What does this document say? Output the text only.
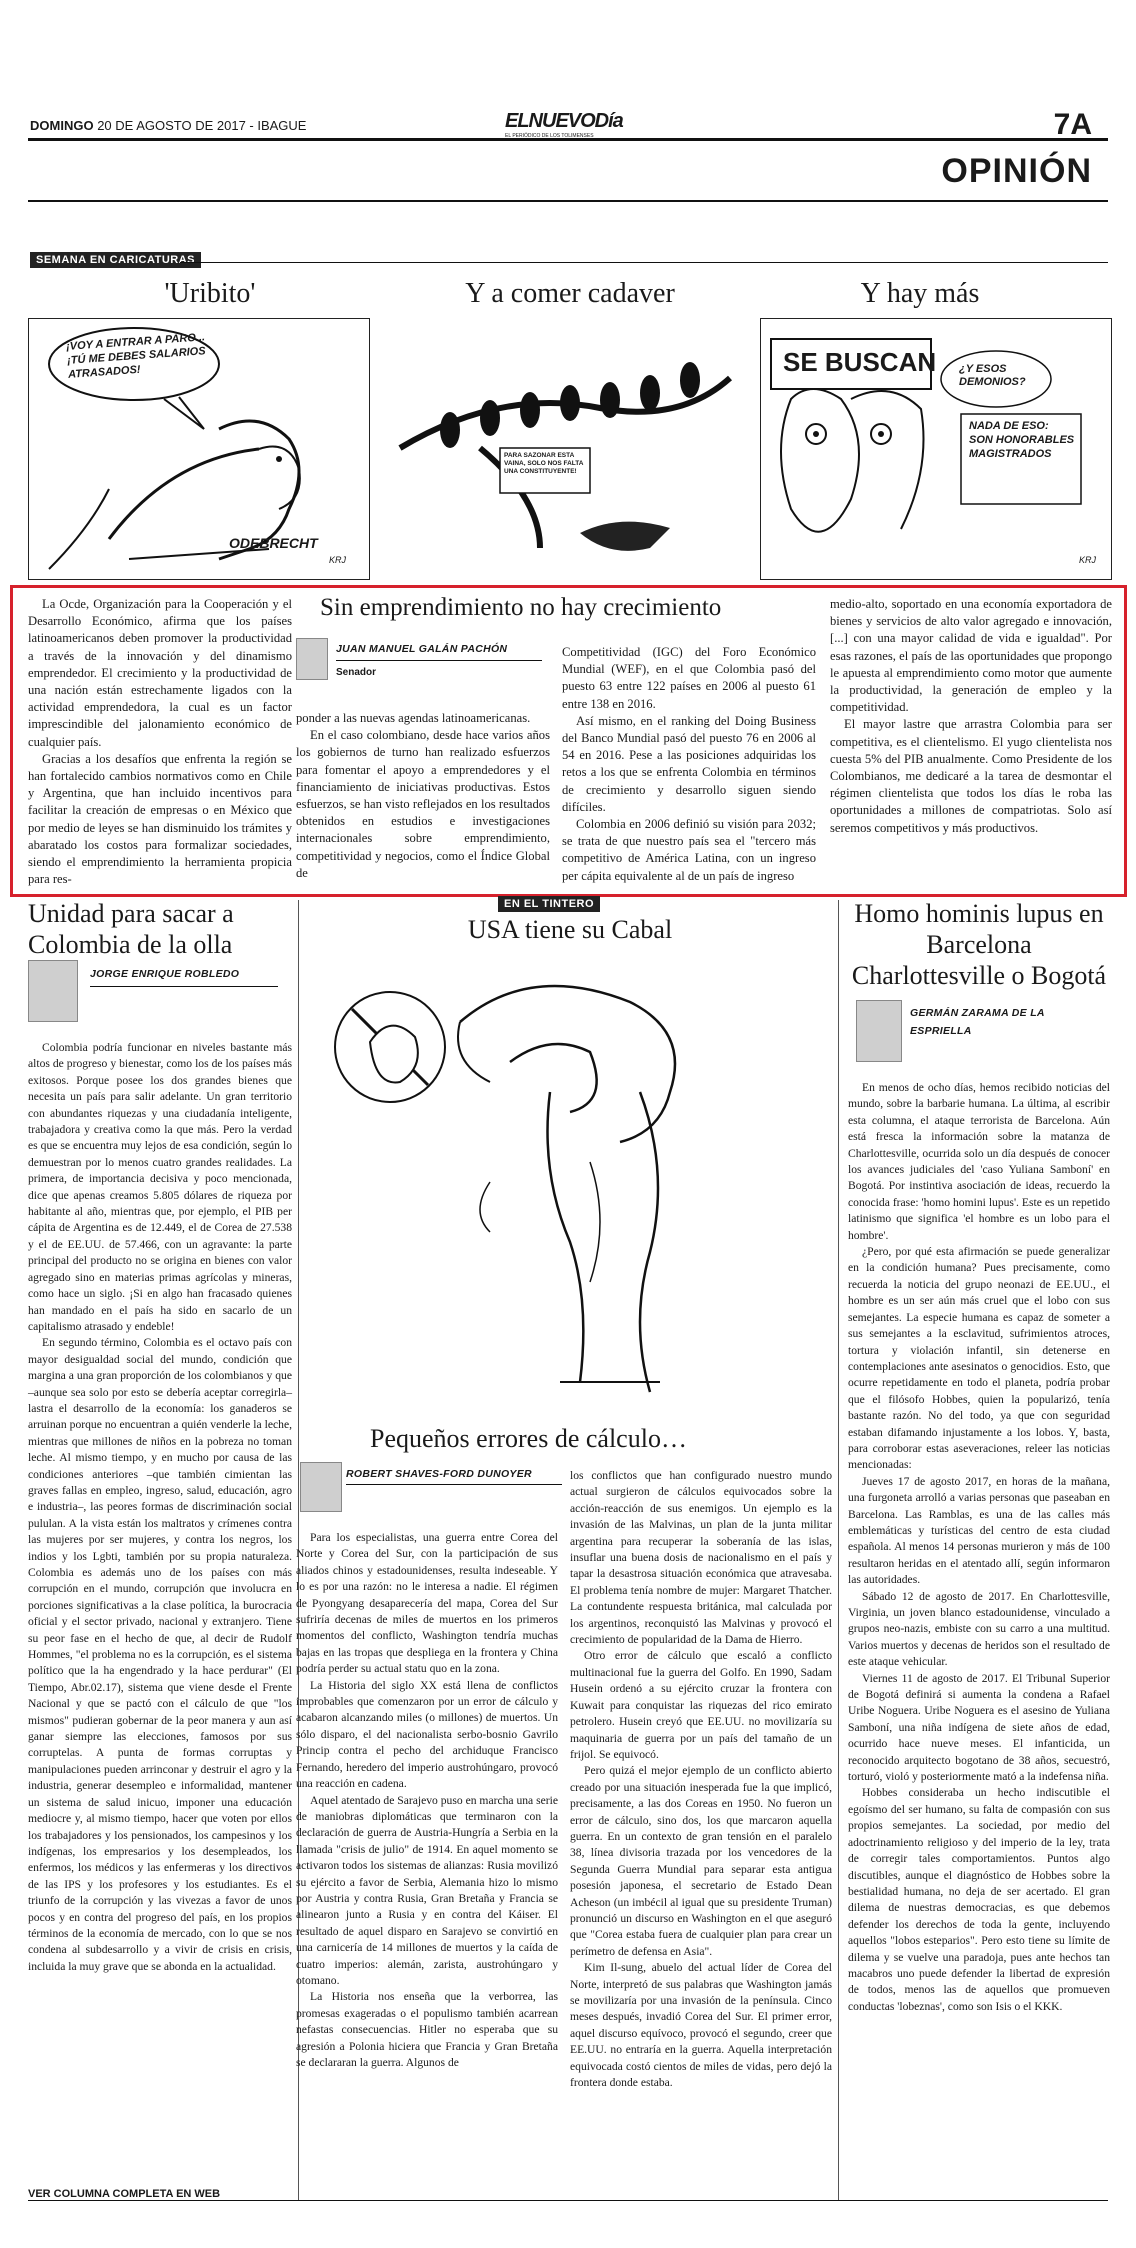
DOMINGO 20 DE AGOSTO DE 2017 - IBAGUE	ELNUEVODía
EL PERIÓDICO DE LOS TOLIMENSES	7A
OPINIÓN
SEMANA EN CARICATURAS
'Uribito'	Y a comer cadaver	Y hay más
¡VOY A ENTRAR A PARO... ¡TÚ ME DEBES SALARIOS ATRASADOS!
ODEBRECHT
KRJ
PARA SAZONAR ESTA VAINA, SOLO NOS FALTA UNA CONSTITUYENTE!
SE BUSCAN ¿Y ESOS DEMONIOS?
NADA DE ESO: SON HONORABLES MAGISTRADOS
KRJ
Sin emprendimiento no hay crecimiento

La Ocde, Organización para la Cooperación y el Desarrollo Económico, afirma que los países latinoamericanos deben promover la productividad a través de la innovación y del dinamismo emprendedor. El crecimiento y la productividad de una nación están estrechamente ligados con la actividad emprendedora, la cual es un factor imprescindible del jalonamiento económico de cualquier país.

Gracias a los desafíos que enfrenta la región se han fortalecido cambios normativos como en Chile y Argentina, que han incluido incentivos para facilitar la creación de empresas o en México que por medio de leyes se han disminuido los trámites y abaratado los costos para formalizar sociedades, siendo el emprendimiento la herramienta propicia para res-

JUAN MANUEL GALÁN PACHÓN
Senador

ponder a las nuevas agendas latinoamericanas.

En el caso colombiano, desde hace varios años los gobiernos de turno han realizado esfuerzos para fomentar el apoyo a emprendedores y el financiamiento de iniciativas productivas. Estos esfuerzos, se han visto reflejados en los resultados obtenidos en estudios e investigaciones internacionales sobre emprendimiento, competitividad y negocios, como el Índice Global de

Competitividad (IGC) del Foro Económico Mundial (WEF), en el que Colombia pasó del puesto 63 entre 122 países en 2006 al puesto 61 entre 138 en 2016.

Así mismo, en el ranking del Doing Business del Banco Mundial pasó del puesto 76 en 2006 al 54 en 2016. Pese a las posiciones adquiridas los retos a los que se enfrenta Colombia en términos de crecimiento y desarrollo siguen siendo difíciles.

Colombia en 2006 definió su visión para 2032; se trata de que nuestro país sea el "tercero más competitivo de América Latina, con un ingreso per cápita equivalente al de un país de ingreso

medio-alto, soportado en una economía exportadora de bienes y servicios de alto valor agregado e innovación, [...] con una mayor calidad de vida e igualdad". Por esas razones, el país de las oportunidades que propongo le apuesta al emprendimiento como motor que aumente la productividad, la generación de empleo y la competitividad.

El mayor lastre que arrastra Colombia para ser competitiva, es el clientelismo. El yugo clientelista nos cuesta 5% del PIB anualmente. Como Presidente de los Colombianos, me dedicaré a la tarea de desmontar el régimen clientelista que todos los días le roba las oportunidades a millones de compatriotas. Solo así seremos competitivos y más productivos.

Unidad para sacar a Colombia de la olla
JORGE ENRIQUE ROBLEDO

Colombia podría funcionar en niveles bastante más altos de progreso y bienestar, como los de los países más exitosos. Porque posee los dos grandes bienes que necesita un país para salir adelante. Un gran territorio con abundantes riquezas y una ciudadanía inteligente, trabajadora y creativa como la que más. Pero la verdad es que se encuentra muy lejos de esa condición, según lo demuestran por lo menos cuatro grandes realidades. La primera, de importancia decisiva y poco mencionada, dice que apenas creamos 5.805 dólares de riqueza por habitante al año, mientras que, por ejemplo, el PIB per cápita de Argentina es de 12.449, el de Corea de 27.538 y el de EE.UU. de 57.466, con un agravante: la parte principal del producto no se origina en bienes con valor agregado sino en materias primas agrícolas y mineras, como hace un siglo. ¡Si en algo han fracasado quienes han mandado en el país ha sido en sacarlo de un capitalismo atrasado y endeble!

En segundo término, Colombia es el octavo país con mayor desigualdad social del mundo, condición que margina a una gran proporción de los colombianos y que –aunque sea solo por esto se debería aceptar corregirla– lastra el desarrollo de la economía: los ganaderos se arruinan porque no encuentran a quién venderle la leche, mientras que millones de niños en la pobreza no toman leche. Al mismo tiempo, y en mucho por causa de las condiciones anteriores –que también cimientan las graves fallas en empleo, ingreso, salud, educación, agro e industria–, las peores formas de discriminación social pululan. A la vista están los maltratos y crímenes contra las mujeres por ser mujeres, y contra los negros, los indios y los Lgbti, también por su propia naturaleza. Colombia es además uno de los países con más corrupción en el mundo, corrupción que involucra en porciones significativas a la clase política, la burocracia oficial y el sector privado, nacional y extranjero. Tiene su peor fase en el hecho de que, al decir de Rudolf Hommes, "el problema no es la corrupción, es el sistema político que la ha engendrado y la hace perdurar" (El Tiempo, Abr.02.17), sistema que viene desde el Frente Nacional y que se pactó con el cálculo de que "los mismos" pudieran gobernar de la peor manera y aun así ganar siempre las elecciones, famosos por sus corruptelas. A punta de formas corruptas y manipulaciones pueden arrinconar y destruir el agro y la industria, generar desempleo e informalidad, mantener un sistema de salud inicuo, imponer una educación mediocre y, al mismo tiempo, hacer que voten por ellos los trabajadores y los pensionados, los campesinos y los indígenas, los empresarios y los desempleados, los enfermos, los médicos y las enfermeras y los directivos de las IPS y los profesores y los estudiantes. Es el triunfo de la corrupción y las vivezas a favor de unos pocos y en contra del progreso del país, en los propios términos de la economía de mercado, con lo que se nos condena al subdesarrollo y a vivir de crisis en crisis, incluida la muy grave que se abonda en la actualidad.

VER COLUMNA COMPLETA EN WEB
EN EL TINTERO
USA tiene su Cabal
Pequeños errores de cálculo…
ROBERT SHAVES-FORD DUNOYER

Para los especialistas, una guerra entre Corea del Norte y Corea del Sur, con la participación de sus aliados chinos y estadounidenses, resulta indeseable. Y lo es por una razón: no le interesa a nadie. El régimen de Pyongyang desaparecería del mapa, Corea del Sur sufriría decenas de miles de muertos en los primeros momentos del conflicto, Washington tendría muchas bajas en las tropas que despliega en la frontera y China podría perder su actual statu quo en la zona.

La Historia del siglo XX está llena de conflictos improbables que comenzaron por un error de cálculo y acabaron alcanzando miles (o millones) de muertos. Un sólo disparo, el del nacionalista serbo-bosnio Gavrilo Princip contra el pecho del archiduque Francisco Fernando, heredero del imperio austrohúngaro, provocó una reacción en cadena.

Aquel atentado de Sarajevo puso en marcha una serie de maniobras diplomáticas que terminaron con la declaración de guerra de Austria-Hungría a Serbia en la llamada "crisis de julio" de 1914. En aquel momento se activaron todos los sistemas de alianzas: Rusia movilizó su ejército a favor de Serbia, Alemania hizo lo mismo por Austria y contra Rusia, Gran Bretaña y Francia se alinearon junto a Rusia y en contra del Káiser. El resultado de aquel disparo en Sarajevo se convirtió en una carnicería de 14 millones de muertos y la caída de cuatro imperios: alemán, zarista, austrohúngaro y otomano.

La Historia nos enseña que la verborrea, las promesas exageradas o el populismo también acarrean nefastas consecuencias. Hitler no esperaba que su agresión a Polonia hiciera que Francia y Gran Bretaña se declararan la guerra. Algunos de

los conflictos que han configurado nuestro mundo actual surgieron de cálculos equivocados sobre la acción-reacción de sus enemigos. Un ejemplo es la invasión de las Malvinas, un plan de la junta militar argentina para recuperar la soberanía de las islas, insuflar una buena dosis de nacionalismo en el país y tapar la desastrosa situación económica que atravesaba. El problema tenía nombre de mujer: Margaret Thatcher. La contundente respuesta británica, mal calculada por los argentinos, reconquistó las Malvinas y provocó el crecimiento de popularidad de la Dama de Hierro.

Otro error de cálculo que escaló a conflicto multinacional fue la guerra del Golfo. En 1990, Sadam Husein ordenó a su ejército cruzar la frontera con Kuwait para conquistar las riquezas del rico emirato petrolero. Husein creyó que EE.UU. no movilizaría su maquinaria de guerra por un país del tamaño de un frijol. Se equivocó.

Pero quizá el mejor ejemplo de un conflicto abierto creado por una situación inesperada fue la que implicó, precisamente, a las dos Coreas en 1950. No fueron un error de cálculo, sino dos, los que marcaron aquella guerra. En un contexto de gran tensión en el paralelo 38, línea divisoria trazada por los vencedores de la Segunda Guerra Mundial para separar esta antigua posesión japonesa, el secretario de Estado Dean Acheson (un imbécil al igual que su presidente Truman) pronunció un discurso en Washington en el que aseguró que "Corea estaba fuera de cualquier plan para crear un perímetro de defensa en Asia".

Kim Il-sung, abuelo del actual líder de Corea del Norte, interpretó de sus palabras que Washington jamás se movilizaría por una invasión de la península. Cinco meses después, invadió Corea del Sur. El primer error, aquel discurso equívoco, provocó el segundo, creer que EE.UU. no entraría en la guerra. Aquella interpretación equivocada costó cientos de miles de vidas, pero dejó la frontera donde estaba.

Homo hominis lupus en Barcelona Charlottesville o Bogotá
GERMÁN ZARAMA DE LA ESPRIELLA

En menos de ocho días, hemos recibido noticias del mundo, sobre la barbarie humana. La última, al escribir esta columna, el ataque terrorista de Barcelona. Aún está fresca la información sobre la matanza de Charlottesville, ocurrida solo un día después de conocer los avances judiciales del 'caso Yuliana Samboní' en Bogotá. Por instintiva asociación de ideas, recuerdo la conocida frase: 'homo homini lupus'. Este es un repetido latinismo que significa 'el hombre es un lobo para el hombre'.

¿Pero, por qué esta afirmación se puede generalizar en la condición humana? Pues precisamente, como recuerda la noticia del grupo neonazi de EE.UU., el hombre es un ser aún más cruel que el lobo con sus semejantes. La especie humana es capaz de someter a sus semejantes a la esclavitud, sufrimientos atroces, tortura y violación infantil, sin detenerse en contemplaciones ante asesinatos o genocidios. Esto, que ocurre repetidamente en todo el planeta, podría probar que el filósofo Hobbes, quien la popularizó, tenía bastante razón. No del todo, ya que con seguridad estaban difamando injustamente a los lobos. Y, basta, para corroborar estas aseveraciones, releer las noticias mencionadas:

Jueves 17 de agosto 2017, en horas de la mañana, una furgoneta arrolló a varias personas que paseaban en Barcelona. Las Ramblas, es una de las calles más emblemáticas y turísticas del centro de esta ciudad española. Al menos 14 personas murieron y más de 100 resultaron heridas en el atentado allí, según informaron las autoridades.

Sábado 12 de agosto de 2017. En Charlottesville, Virginia, un joven blanco estadounidense, vinculado a grupos neo-nazis, embiste con su carro a una multitud. Varios muertos y decenas de heridos son el resultado de este ataque vehicular.

Viernes 11 de agosto de 2017. El Tribunal Superior de Bogotá definirá si aumenta la condena a Rafael Uribe Noguera. Uribe Noguera es el asesino de Yuliana Samboní, una niña indígena de siete años de edad, ocurrido hace nueve meses. El infanticida, un reconocido arquitecto bogotano de 38 años, secuestró, torturó, violó y posteriormente mató a la indefensa niña.

Hobbes consideraba un hecho indiscutible el egoísmo del ser humano, su falta de compasión con sus propios semejantes. La sociedad, por medio del adoctrinamiento religioso y del imperio de la ley, trata de corregir tales comportamientos. Puntos algo discutibles, aunque el diagnóstico de Hobbes sobre la bestialidad humana, no deja de ser acertado. El gran dilema de nuestras democracias, es que debemos defender los derechos de toda la gente, incluyendo aquellos "lobos esteparios". Pero esto tiene su límite de dilema y se vuelve una paradoja, pues ante hechos tan macabros uno puede defender la libertad de expresión de todos, menos las de aquellos que promueven conductas 'lobeznas', como son Isis o el KKK.
